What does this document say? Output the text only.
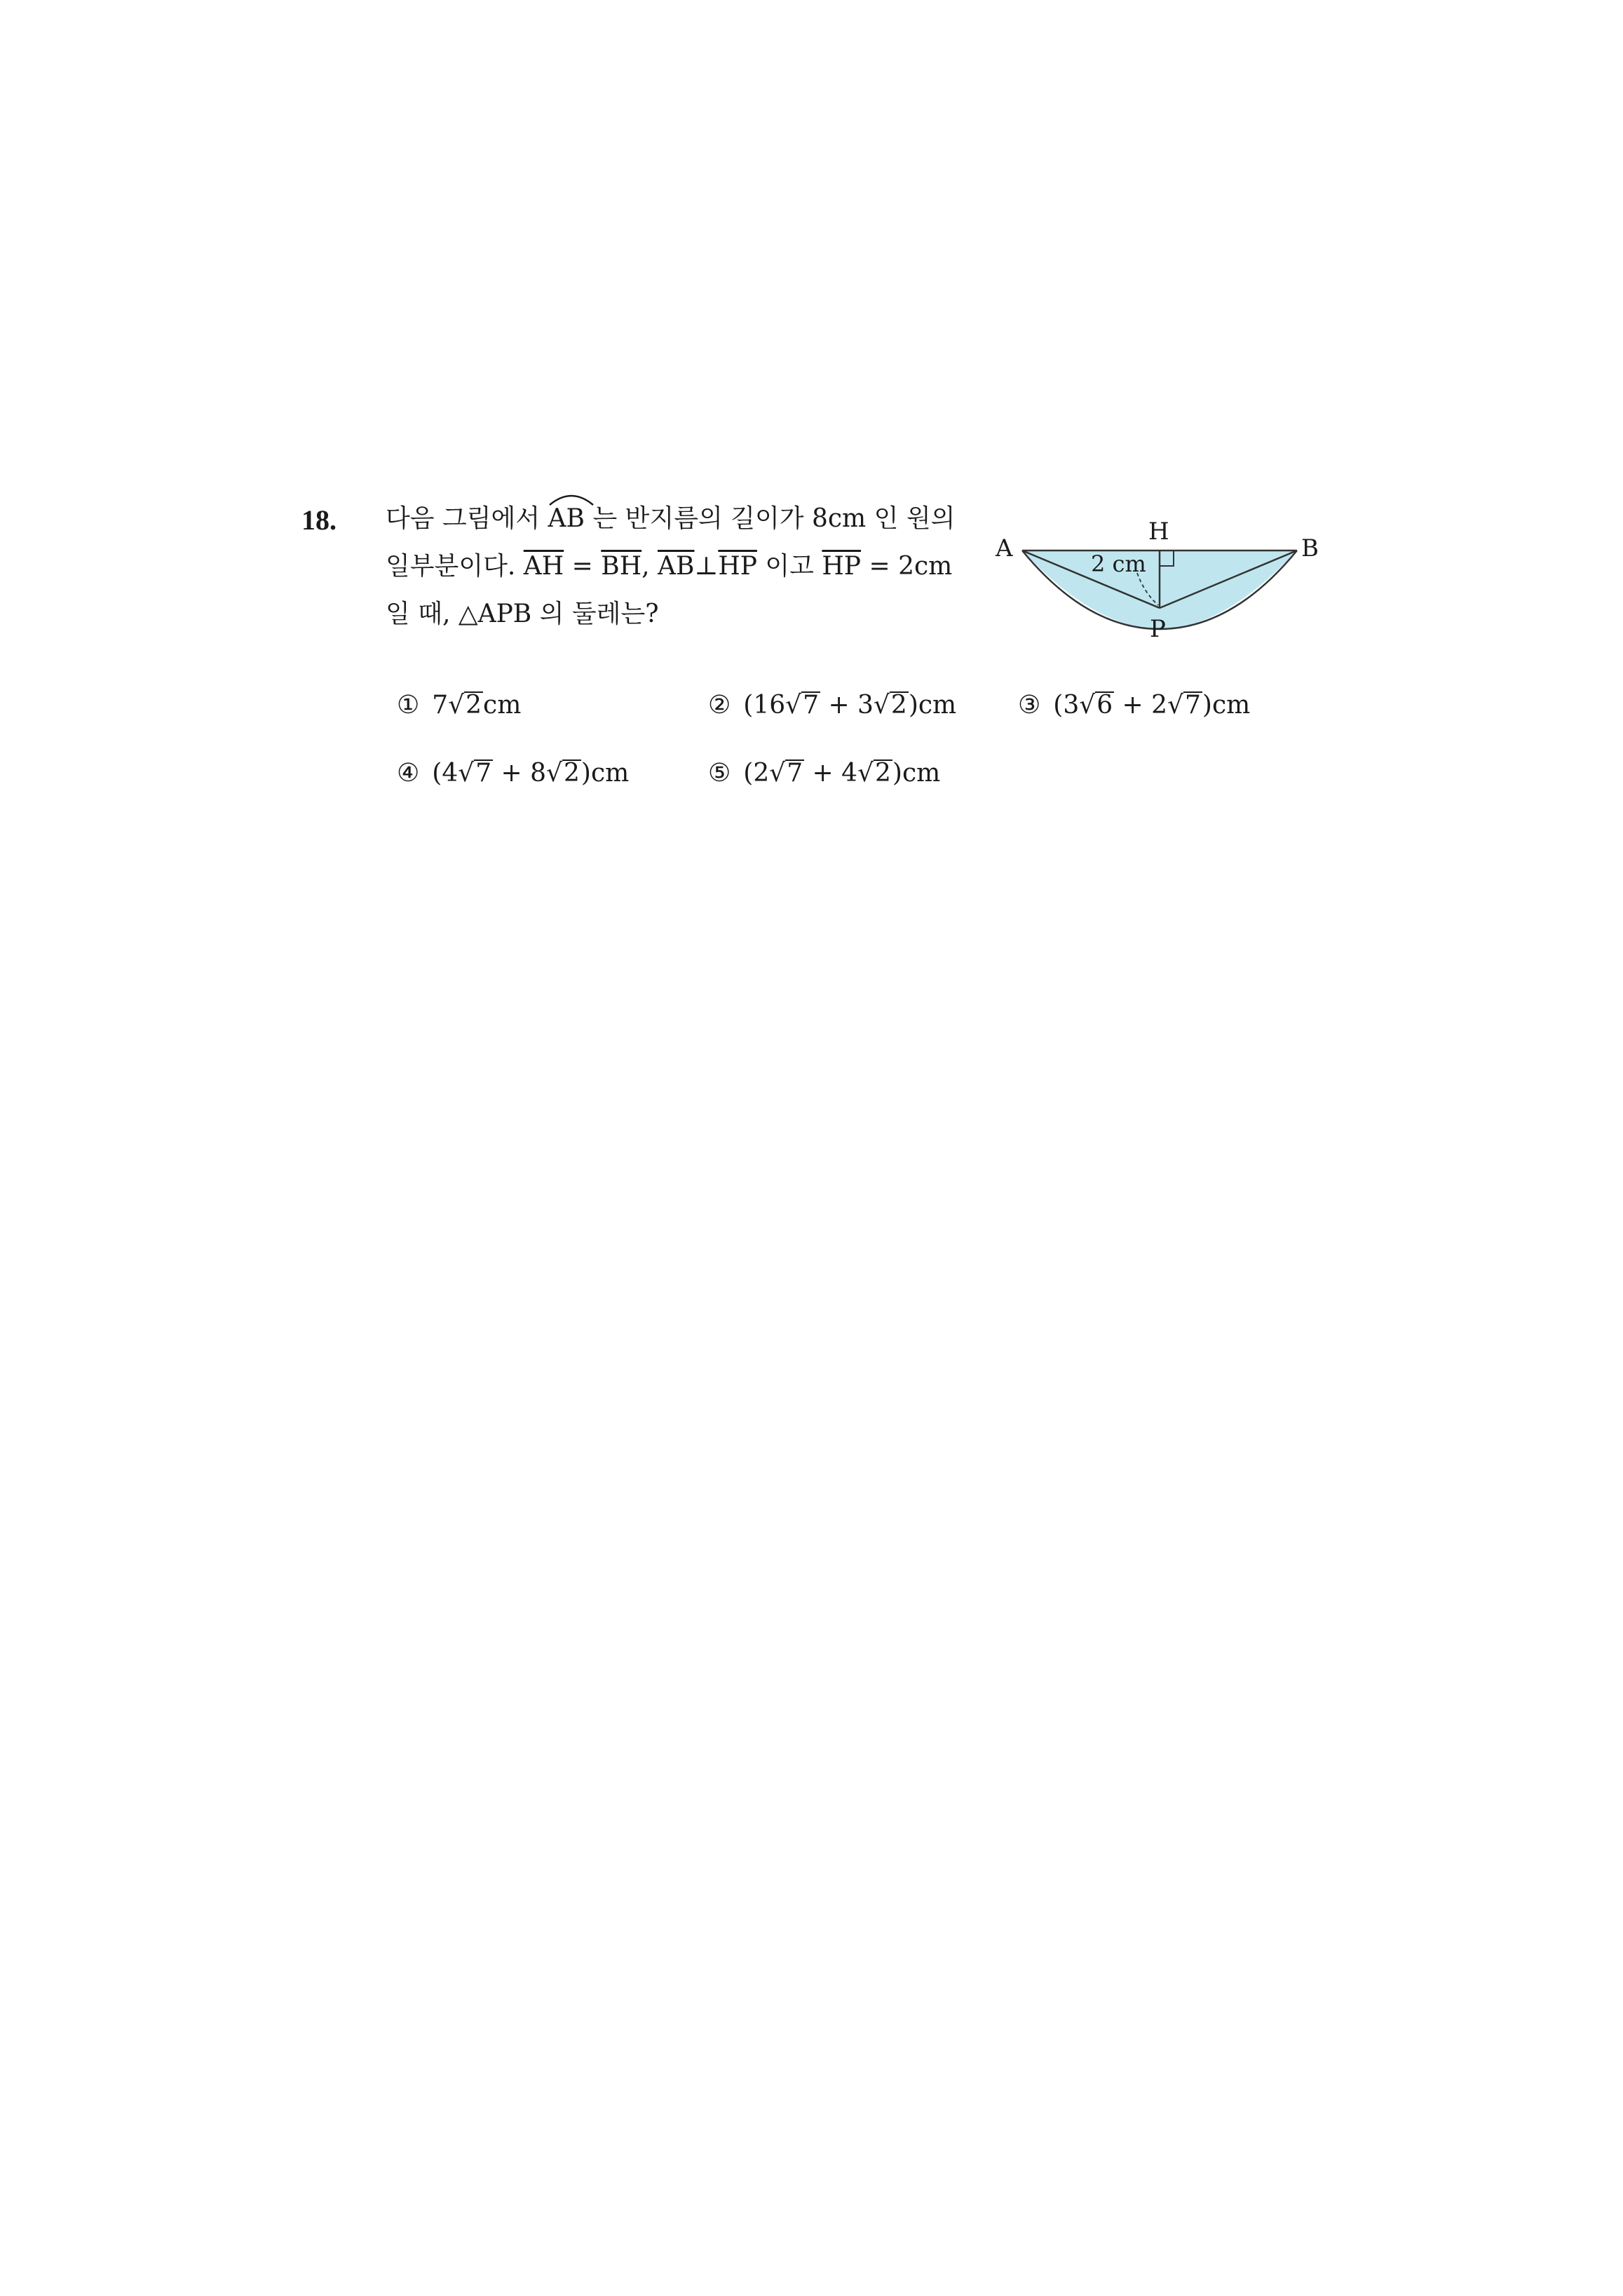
18. 다음 그림에서
AB 는 반지름의 길이가 8cm 인 원의
일부분이다. $\overline{AH} = \overline{BH}$, $\overline{AB}\perp\overline{HP}$ 이고 $\overline{HP} = 2cm$
일 때, △APB 의 둘레는?
2 cm
A	B
H
P
① 7√2cm	② (16√7 + 3√2)cm ③ (3√6 + 2√7)cm
④ (4√7 + 8√2)cm	⑤ (2√7 + 4√2)cm
